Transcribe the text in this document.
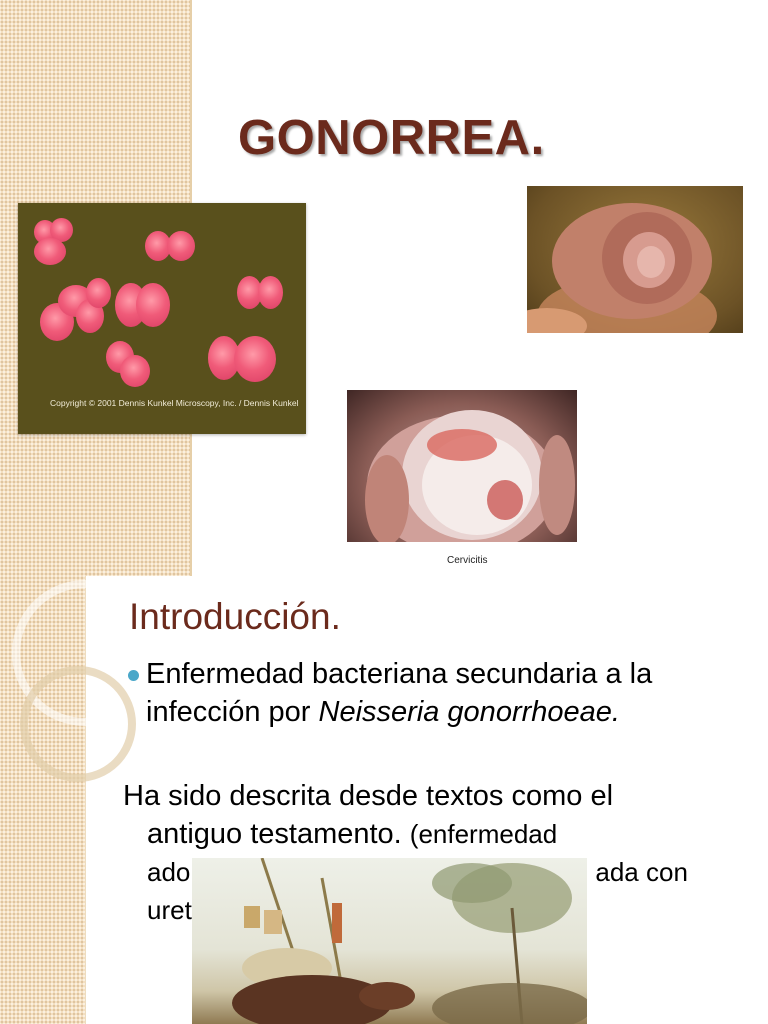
GONORREA.
Copyright © 2001 Dennis Kunkel Microscopy, Inc. / Dennis Kunkel
Cervicitis
Introducción.
Enfermedad bacteriana secundaria a la infección por Neisseria gonorrhoeae.
Ha sido descrita desde textos como el
antiguo testamento. (enfermedad
ado	ada con
uret
